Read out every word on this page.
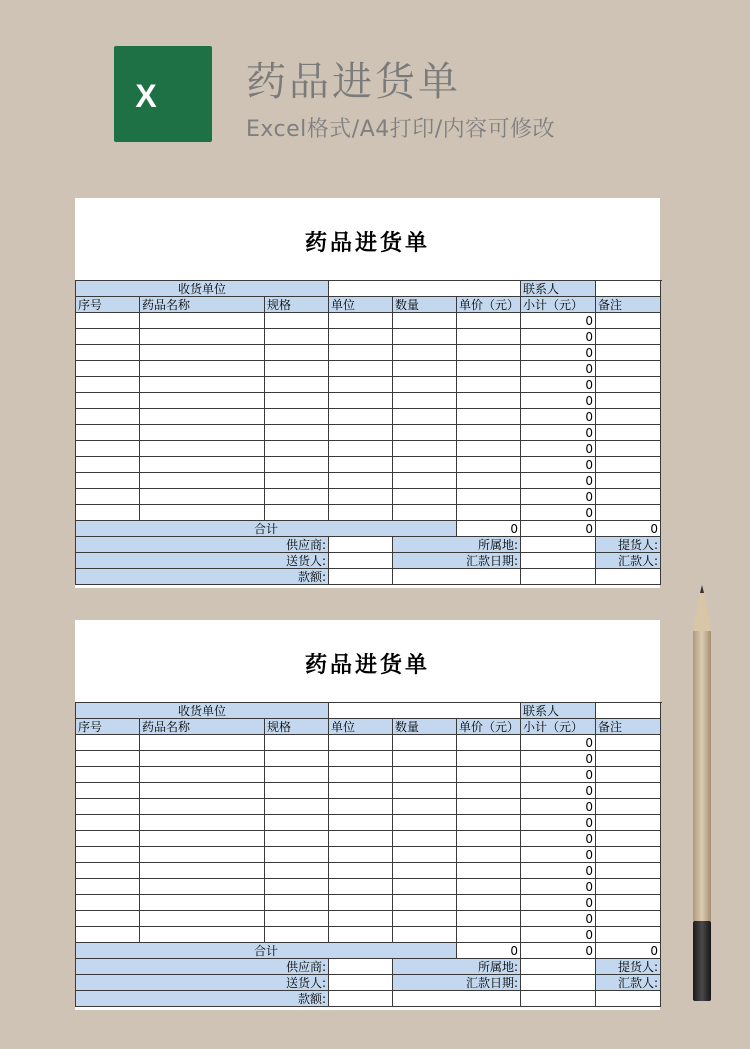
X 药品进货单
Excel格式/A4打印/内容可修改
药品进货单
收货单位						联系人		
序号	药品名称	规格	单位	数量	单价（元）	小计（元）	备注	
						0		
						0		
						0		
						0		
						0		
						0		
						0		
						0		
						0		
						0		
						0		
						0		
						0		
合计					0	0	0	
供应商:				所属地:			提货人:	
送货人:				汇款日期:			汇款人:	
款额:								
药品进货单
收货单位						联系人		
序号	药品名称	规格	单位	数量	单价（元）	小计（元）	备注	
						0		
						0		
						0		
						0		
						0		
						0		
						0		
						0		
						0		
						0		
						0		
						0		
						0		
合计					0	0	0	
供应商:				所属地:			提货人:	
送货人:				汇款日期:			汇款人:	
款额:								
